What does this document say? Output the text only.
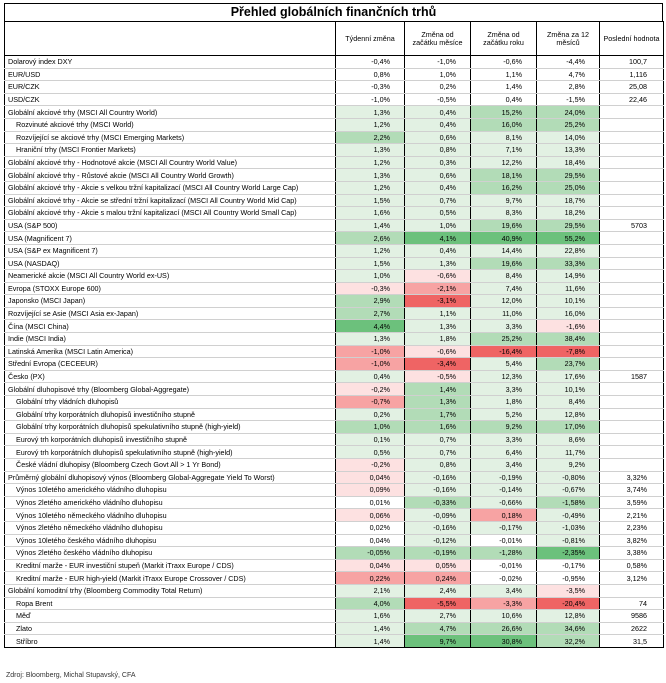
Přehled globálních finančních trhů
	Týdenní změna	Změna od začátku měsíce	Změna od začátku roku	Změna za 12 měsíců	Poslední hodnota
Dolarový index DXY	-0,4%	-1,0%	-0,6%	-4,4%	100,7
EUR/USD	0,8%	1,0%	1,1%	4,7%	1,116
EUR/CZK	-0,3%	0,2%	1,4%	2,8%	25,08
USD/CZK	-1,0%	-0,5%	0,4%	-1,5%	22,46
Globální akciové trhy (MSCI All Country World)	1,3%	0,4%	15,2%	24,0%	
Rozvinuté akciové trhy (MSCI World)	1,2%	0,4%	16,0%	25,2%	
Rozvíjející se akciové trhy (MSCI Emerging Markets)	2,2%	0,6%	8,1%	14,0%	
Hraniční trhy (MSCI Frontier Markets)	1,3%	0,8%	7,1%	13,3%	
Globální akciové trhy - Hodnotové akcie (MSCI All Country World Value)	1,2%	0,3%	12,2%	18,4%	
Globální akciové trhy - Růstové akcie (MSCI All Country World Growth)	1,3%	0,6%	18,1%	29,5%	
Globální akciové trhy - Akcie s velkou tržní kapitalizací (MSCI All Country World Large Cap)	1,2%	0,4%	16,2%	25,0%	
Globální akciové trhy - Akcie se střední tržní kapitalizací (MSCI All Country World Mid Cap)	1,5%	0,7%	9,7%	18,7%	
Globální akciové trhy - Akcie s malou tržní kapitalizací (MSCI All Country World Small Cap)	1,6%	0,5%	8,3%	18,2%	
USA (S&P 500)	1,4%	1,0%	19,6%	29,5%	5703
USA (Magnificent 7)	2,6%	4,1%	40,9%	55,2%	
USA (S&P ex Magnificent 7)	1,2%	0,4%	14,4%	22,8%	
USA (NASDAQ)	1,5%	1,3%	19,6%	33,3%	
Neamerické akcie (MSCI All Country World ex-US)	1,0%	-0,6%	8,4%	14,9%	
Evropa (STOXX Europe 600)	-0,3%	-2,1%	7,4%	11,6%	
Japonsko (MSCI Japan)	2,9%	-3,1%	12,0%	10,1%	
Rozvíjející se Asie (MSCI Asia ex-Japan)	2,7%	1,1%	11,0%	16,0%	
Čína (MSCI China)	4,4%	1,3%	3,3%	-1,6%	
Indie (MSCI India)	1,3%	1,8%	25,2%	38,4%	
Latinská Amerika (MSCI Latin America)	-1,0%	-0,6%	-16,4%	-7,8%	
Střední Evropa (CECEEUR)	-1,0%	-3,4%	5,4%	23,7%	
Česko (PX)	0,4%	-0,5%	12,3%	17,6%	1587
Globální dluhopisové trhy (Bloomberg Global-Aggregate)	-0,2%	1,4%	3,3%	10,1%	
Globální trhy vládních dluhopisů	-0,7%	1,3%	1,8%	8,4%	
Globální trhy korporátních dluhopisů investičního stupně	0,2%	1,7%	5,2%	12,8%	
Globální trhy korporátních dluhopisů spekulativního stupně (high-yield)	1,0%	1,6%	9,2%	17,0%	
Eurový trh korporátních dluhopisů investičního stupně	0,1%	0,7%	3,3%	8,6%	
Eurový trh korporátních dluhopisů spekulativního stupně (high-yield)	0,5%	0,7%	6,4%	11,7%	
České vládní dluhopisy (Bloomberg Czech Govt All > 1 Yr Bond)	-0,2%	0,8%	3,4%	9,2%	
Průměrný globální dluhopisový výnos (Bloomberg Global-Aggregate Yield To Worst)	0,04%	-0,16%	-0,19%	-0,80%	3,32%
Výnos 10letého amerického vládního dluhopisu	0,09%	-0,16%	-0,14%	-0,67%	3,74%
Výnos 2letého amerického vládního dluhopisu	0,01%	-0,33%	-0,66%	-1,58%	3,59%
Výnos 10letého německého vládního dluhopisu	0,06%	-0,09%	0,18%	-0,49%	2,21%
Výnos 2letého německého vládního dluhopisu	0,02%	-0,16%	-0,17%	-1,03%	2,23%
Výnos 10letého českého vládního dluhopisu	0,04%	-0,12%	-0,01%	-0,81%	3,82%
Výnos 2letého českého vládního dluhopisu	-0,05%	-0,19%	-1,28%	-2,35%	3,38%
Kreditní marže - EUR investiční stupeň (Markit iTraxx Europe / CDS)	0,04%	0,05%	-0,01%	-0,17%	0,58%
Kreditní marže - EUR high-yield (Markit iTraxx Europe Crossover / CDS)	0,22%	0,24%	-0,02%	-0,95%	3,12%
Globální komoditní trhy (Bloomberg Commodity Total Return)	2,1%	2,4%	3,4%	-3,5%	
Ropa Brent	4,0%	-5,5%	-3,3%	-20,4%	74
Měď	1,6%	2,7%	10,6%	12,8%	9586
Zlato	1,4%	4,7%	26,6%	34,6%	2622
Stříbro	1,4%	9,7%	30,8%	32,2%	31,5
Zdroj: Bloomberg, Michal Stupavský, CFA
